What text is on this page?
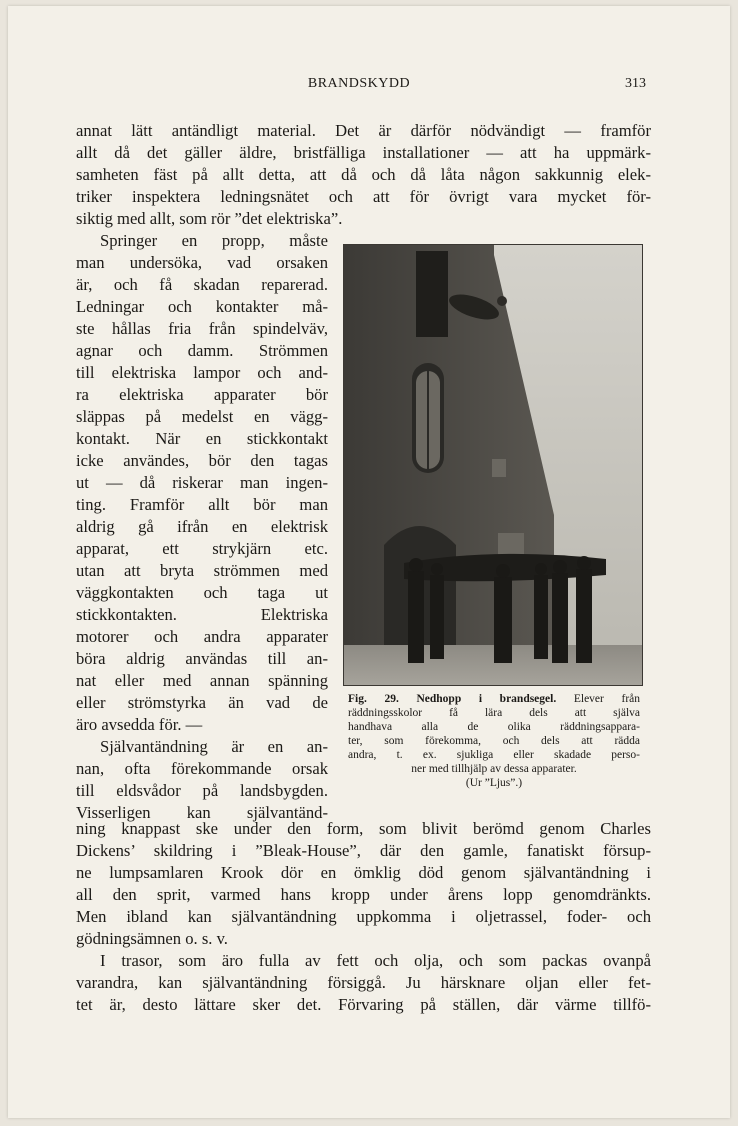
BRANDSKYDD	313
annat lätt antändligt material. Det är därför nödvändigt — framför
allt då det gäller äldre, bristfälliga installationer — att ha uppmärk-
samheten fäst på allt detta, att då och då låta någon sakkunnig elek-
triker inspektera ledningsnätet och att för övrigt vara mycket för-
siktig med allt, som rör ”det elektriska”.
Springer en propp, måste
man undersöka, vad orsaken
är, och få skadan reparerad.
Ledningar och kontakter må-
ste hållas fria från spindelväv,
agnar och damm. Strömmen
till elektriska lampor och and-
ra elektriska apparater bör
släppas på medelst en vägg-
kontakt. När en stickkontakt
icke användes, bör den tagas
ut — då riskerar man ingen-
ting. Framför allt bör man
aldrig gå ifrån en elektrisk
apparat, ett strykjärn etc.
utan att bryta strömmen med
väggkontakten och taga ut
stickkontakten. Elektriska
motorer och andra apparater
böra aldrig användas till an-
nat eller med annan spänning
eller strömstyrka än vad de
äro avsedda för. —
Självantändning är en an-
nan, ofta förekommande orsak
till eldsvådor på landsbygden.
Visserligen kan självantänd-
Fig. 29. Nedhopp i brandsegel. Elever från
räddningsskolor få lära dels att själva
handhava alla de olika räddningsappara-
ter, som förekomma, och dels att rädda
andra, t. ex. sjukliga eller skadade perso-
ner med tillhjälp av dessa apparater.
(Ur ”Ljus”.)
ning knappast ske under den form, som blivit berömd genom Charles
Dickens’ skildring i ”Bleak-House”, där den gamle, fanatiskt försup-
ne lumpsamlaren Krook dör en ömklig död genom självantändning i
all den sprit, varmed hans kropp under årens lopp genomdränkts.
Men ibland kan självantändning uppkomma i oljetrassel, foder- och
gödningsämnen o. s. v.
I trasor, som äro fulla av fett och olja, och som packas ovanpå
varandra, kan självantändning försiggå. Ju härsknare oljan eller fet-
tet är, desto lättare sker det. Förvaring på ställen, där värme tillfö-
